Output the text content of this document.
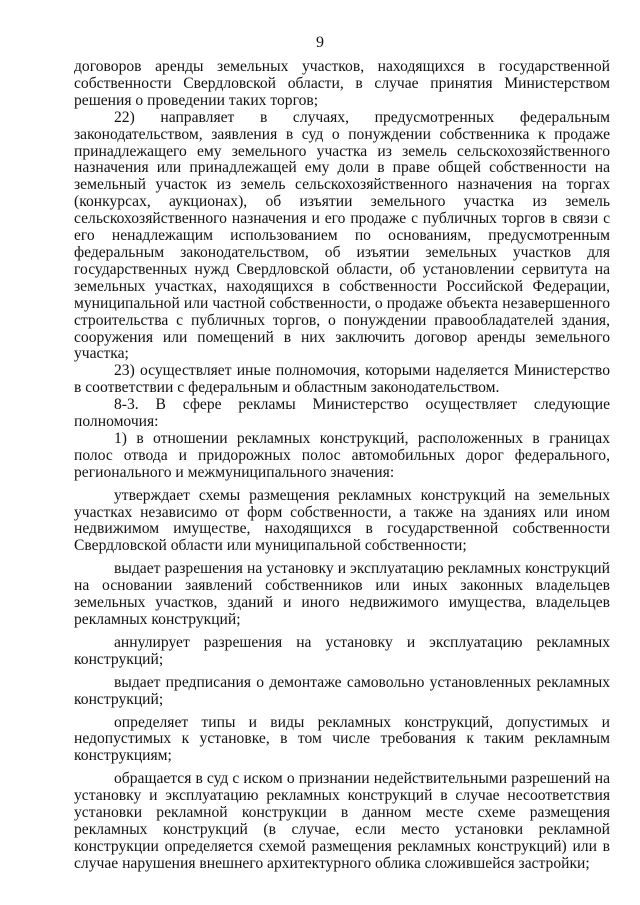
9

договоров аренды земельных участков, находящихся в государственной собственности Свердловской области, в случае принятия Министерством решения о проведении таких торгов;

22) направляет в случаях, предусмотренных федеральным законодательством, заявления в суд о понуждении собственника к продаже принадлежащего ему земельного участка из земель сельскохозяйственного назначения или принадлежащей ему доли в праве общей собственности на земельный участок из земель сельскохозяйственного назначения на торгах (конкурсах, аукционах), об изъятии земельного участка из земель сельскохозяйственного назначения и его продаже с публичных торгов в связи с его ненадлежащим использованием по основаниям, предусмотренным федеральным законодательством, об изъятии земельных участков для государственных нужд Свердловской области, об установлении сервитута на земельных участках, находящихся в собственности Российской Федерации, муниципальной или частной собственности, о продаже объекта незавершенного строительства с публичных торгов, о понуждении правообладателей здания, сооружения или помещений в них заключить договор аренды земельного участка;

23) осуществляет иные полномочия, которыми наделяется Министерство в соответствии с федеральным и областным законодательством.

8-3. В сфере рекламы Министерство осуществляет следующие полномочия:

1) в отношении рекламных конструкций, расположенных в границах полос отвода и придорожных полос автомобильных дорог федерального, регионального и межмуниципального значения:

утверждает схемы размещения рекламных конструкций на земельных участках независимо от форм собственности, а также на зданиях или ином недвижимом имуществе, находящихся в государственной собственности Свердловской области или муниципальной собственности;

выдает разрешения на установку и эксплуатацию рекламных конструкций на основании заявлений собственников или иных законных владельцев земельных участков, зданий и иного недвижимого имущества, владельцев рекламных конструкций;

аннулирует разрешения на установку и эксплуатацию рекламных конструкций;

выдает предписания о демонтаже самовольно установленных рекламных конструкций;

определяет типы и виды рекламных конструкций, допустимых и недопустимых к установке, в том числе требования к таким рекламным конструкциям;

обращается в суд с иском о признании недействительными разрешений на установку и эксплуатацию рекламных конструкций в случае несоответствия установки рекламной конструкции в данном месте схеме размещения рекламных конструкций (в случае, если место установки рекламной конструкции определяется схемой размещения рекламных конструкций) или в случае нарушения внешнего архитектурного облика сложившейся застройки;
